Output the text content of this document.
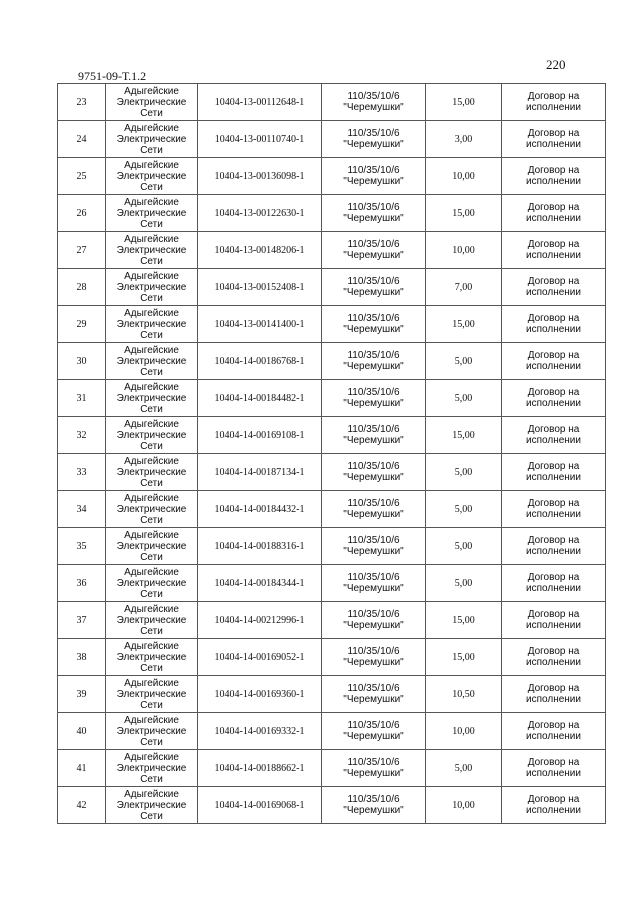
220
9751-09-Т.1.2
23	Адыгейские
Электрические
Сети	10404-13-00112648-1	110/35/10/6
"Черемушки"	15,00	Договор на
исполнении

24	Адыгейские
Электрические
Сети	10404-13-00110740-1	110/35/10/6
"Черемушки"	3,00	Договор на
исполнении

25	Адыгейские
Электрические
Сети	10404-13-00136098-1	110/35/10/6
"Черемушки"	10,00	Договор на
исполнении

26	Адыгейские
Электрические
Сети	10404-13-00122630-1	110/35/10/6
"Черемушки"	15,00	Договор на
исполнении

27	Адыгейские
Электрические
Сети	10404-13-00148206-1	110/35/10/6
"Черемушки"	10,00	Договор на
исполнении

28	Адыгейские
Электрические
Сети	10404-13-00152408-1	110/35/10/6
"Черемушки"	7,00	Договор на
исполнении

29	Адыгейские
Электрические
Сети	10404-13-00141400-1	110/35/10/6
"Черемушки"	15,00	Договор на
исполнении

30	Адыгейские
Электрические
Сети	10404-14-00186768-1	110/35/10/6
"Черемушки"	5,00	Договор на
исполнении

31	Адыгейские
Электрические
Сети	10404-14-00184482-1	110/35/10/6
"Черемушки"	5,00	Договор на
исполнении

32	Адыгейские
Электрические
Сети	10404-14-00169108-1	110/35/10/6
"Черемушки"	15,00	Договор на
исполнении

33	Адыгейские
Электрические
Сети	10404-14-00187134-1	110/35/10/6
"Черемушки"	5,00	Договор на
исполнении

34	Адыгейские
Электрические
Сети	10404-14-00184432-1	110/35/10/6
"Черемушки"	5,00	Договор на
исполнении

35	Адыгейские
Электрические
Сети	10404-14-00188316-1	110/35/10/6
"Черемушки"	5,00	Договор на
исполнении

36	Адыгейские
Электрические
Сети	10404-14-00184344-1	110/35/10/6
"Черемушки"	5,00	Договор на
исполнении

37	Адыгейские
Электрические
Сети	10404-14-00212996-1	110/35/10/6
"Черемушки"	15,00	Договор на
исполнении

38	Адыгейские
Электрические
Сети	10404-14-00169052-1	110/35/10/6
"Черемушки"	15,00	Договор на
исполнении

39	Адыгейские
Электрические
Сети	10404-14-00169360-1	110/35/10/6
"Черемушки"	10,50	Договор на
исполнении

40	Адыгейские
Электрические
Сети	10404-14-00169332-1	110/35/10/6
"Черемушки"	10,00	Договор на
исполнении

41	Адыгейские
Электрические
Сети	10404-14-00188662-1	110/35/10/6
"Черемушки"	5,00	Договор на
исполнении

42	Адыгейские
Электрические
Сети	10404-14-00169068-1	110/35/10/6
"Черемушки"	10,00	Договор на
исполнении
